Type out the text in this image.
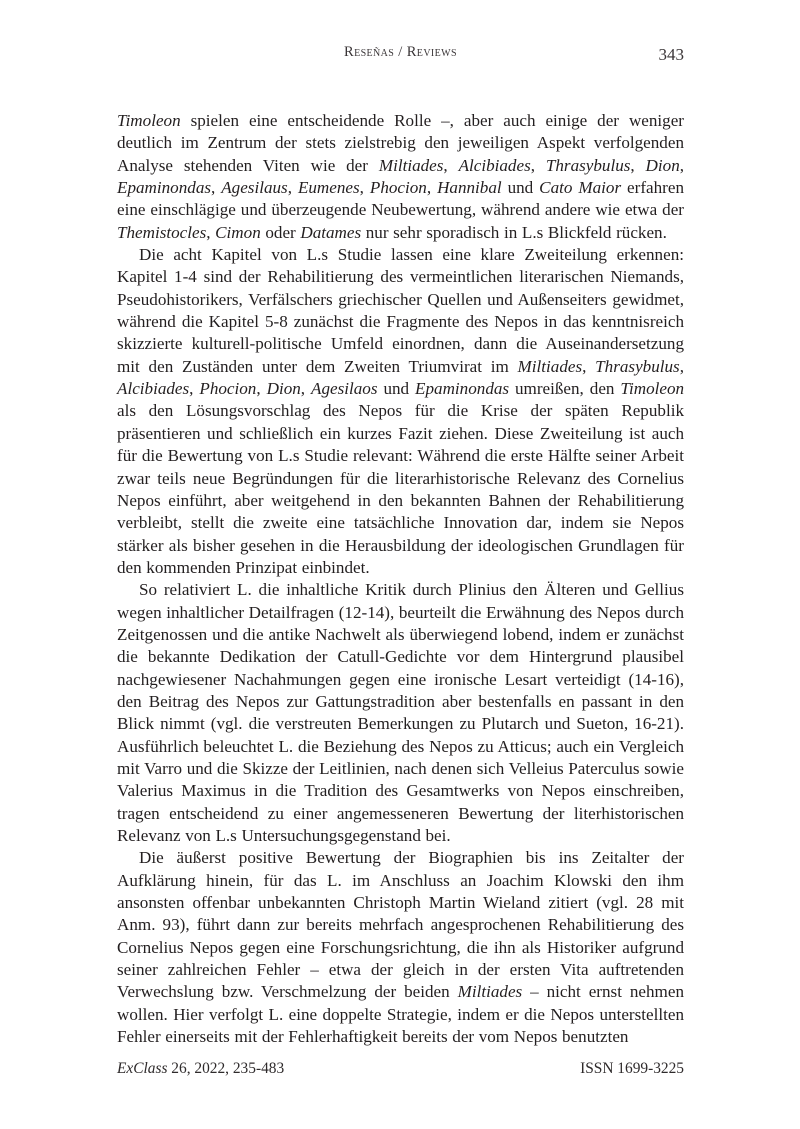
Reseñas / Reviews	343

Timoleon spielen eine entscheidende Rolle –, aber auch einige der weniger deutlich im Zentrum der stets zielstrebig den jeweiligen Aspekt verfolgenden Analyse stehenden Viten wie der Miltiades, Alcibiades, Thrasybulus, Dion, Epaminondas, Agesilaus, Eumenes, Phocion, Hannibal und Cato Maior erfahren eine einschlägige und überzeugende Neubewertung, während andere wie etwa der Themistocles, Cimon oder Datames nur sehr sporadisch in L.s Blickfeld rücken.

Die acht Kapitel von L.s Studie lassen eine klare Zweiteilung erkennen: Kapitel 1-4 sind der Rehabilitierung des vermeintlichen literarischen Niemands, Pseudohistorikers, Verfälschers griechischer Quellen und Außenseiters gewidmet, während die Kapitel 5-8 zunächst die Fragmente des Nepos in das kenntnisreich skizzierte kulturell-politische Umfeld einordnen, dann die Auseinandersetzung mit den Zuständen unter dem Zweiten Triumvirat im Miltiades, Thrasybulus, Alcibiades, Phocion, Dion, Agesilaos und Epaminondas umreißen, den Timoleon als den Lösungsvorschlag des Nepos für die Krise der späten Republik präsentieren und schließlich ein kurzes Fazit ziehen. Diese Zweiteilung ist auch für die Bewertung von L.s Studie relevant: Während die erste Hälfte seiner Arbeit zwar teils neue Begründungen für die literarhistorische Relevanz des Cornelius Nepos einführt, aber weitgehend in den bekannten Bahnen der Rehabilitierung verbleibt, stellt die zweite eine tatsächliche Innovation dar, indem sie Nepos stärker als bisher gesehen in die Herausbildung der ideologischen Grundlagen für den kommenden Prinzipat einbindet.

So relativiert L. die inhaltliche Kritik durch Plinius den Älteren und Gellius wegen inhaltlicher Detailfragen (12-14), beurteilt die Erwähnung des Nepos durch Zeitgenossen und die antike Nachwelt als überwiegend lobend, indem er zunächst die bekannte Dedikation der Catull-Gedichte vor dem Hintergrund plausibel nachgewiesener Nachahmungen gegen eine ironische Lesart verteidigt (14-16), den Beitrag des Nepos zur Gattungstradition aber bestenfalls en passant in den Blick nimmt (vgl. die verstreuten Bemerkungen zu Plutarch und Sueton, 16-21). Ausführlich beleuchtet L. die Beziehung des Nepos zu Atticus; auch ein Vergleich mit Varro und die Skizze der Leitlinien, nach denen sich Velleius Paterculus sowie Valerius Maximus in die Tradition des Gesamtwerks von Nepos einschreiben, tragen entscheidend zu einer angemesseneren Bewertung der literhistorischen Relevanz von L.s Untersuchungsgegenstand bei.

Die äußerst positive Bewertung der Biographien bis ins Zeitalter der Aufklärung hinein, für das L. im Anschluss an Joachim Klowski den ihm ansonsten offenbar unbekannten Christoph Martin Wieland zitiert (vgl. 28 mit Anm. 93), führt dann zur bereits mehrfach angesprochenen Rehabilitierung des Cornelius Nepos gegen eine Forschungsrichtung, die ihn als Historiker aufgrund seiner zahlreichen Fehler – etwa der gleich in der ersten Vita auftretenden Verwechslung bzw. Verschmelzung der beiden Miltiades – nicht ernst nehmen wollen. Hier verfolgt L. eine doppelte Strategie, indem er die Nepos unterstellten Fehler einerseits mit der Fehlerhaftigkeit bereits der vom Nepos benutzten

ExClass 26, 2022, 235-483	ISSN 1699-3225
